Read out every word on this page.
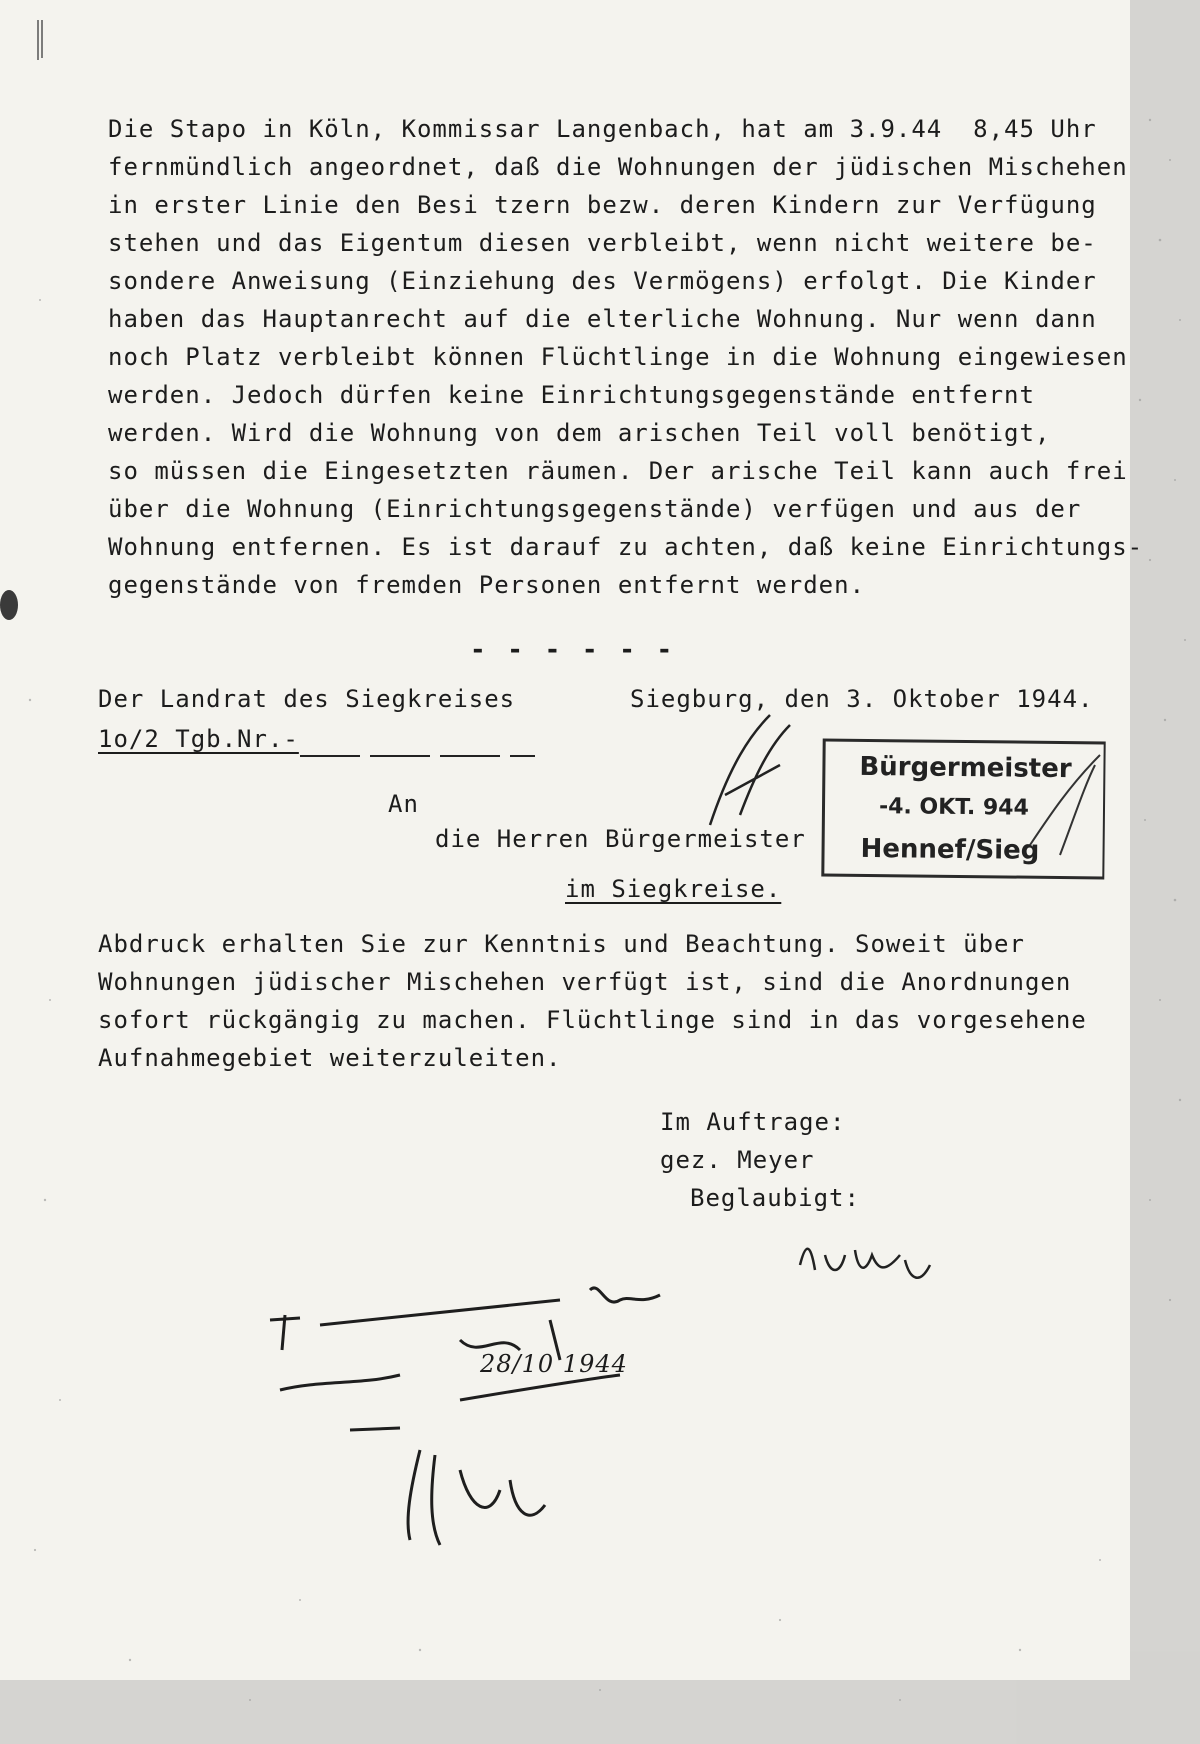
Die Stapo in Köln, Kommissar Langenbach, hat am 3.9.44  8,45 Uhr
fernmündlich angeordnet, daß die Wohnungen der jüdischen Mischehen
in erster Linie den Besi tzern bezw. deren Kindern zur Verfügung
stehen und das Eigentum diesen verbleibt, wenn nicht weitere be-
sondere Anweisung (Einziehung des Vermögens) erfolgt. Die Kinder
haben das Hauptanrecht auf die elterliche Wohnung. Nur wenn dann
noch Platz verbleibt können Flüchtlinge in die Wohnung eingewiesen
werden. Jedoch dürfen keine Einrichtungsgegenstände entfernt
werden. Wird die Wohnung von dem arischen Teil voll benötigt,
so müssen die Eingesetzten räumen. Der arische Teil kann auch frei
über die Wohnung (Einrichtungsgegenstände) verfügen und aus der
Wohnung entfernen. Es ist darauf zu achten, daß keine Einrichtungs-
gegenstände von fremden Personen entfernt werden.
- - - - - -
Der Landrat des Siegkreises	Siegburg, den 3. Oktober 1944.
1o/2 Tgb.Nr.-
An
die Herren Bürgermeister
im Siegkreise.
Bürgermeister
-4. OKT. 944
Hennef/Sieg
Abdruck erhalten Sie zur Kenntnis und Beachtung. Soweit über
Wohnungen jüdischer Mischehen verfügt ist, sind die Anordnungen
sofort rückgängig zu machen. Flüchtlinge sind in das vorgesehene
Aufnahmegebiet weiterzuleiten.
Im Auftrage:
gez. Meyer
Beglaubigt:
28/10 1944
